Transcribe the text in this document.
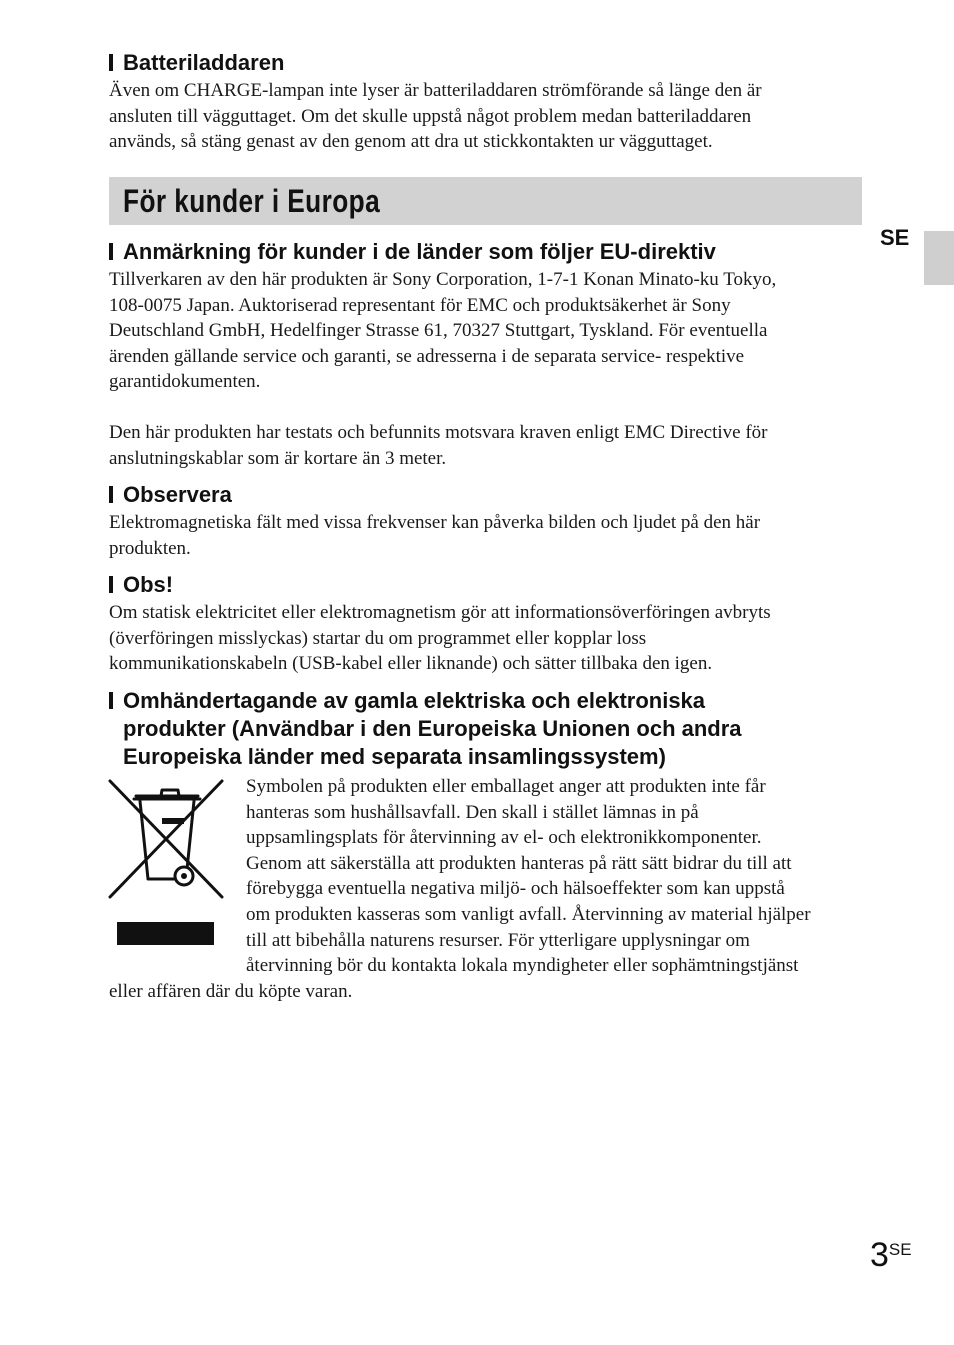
Batteriladdaren
Även om CHARGE-lampan inte lyser är batteriladdaren strömförande så länge den är
ansluten till vägguttaget. Om det skulle uppstå något problem medan batteriladdaren
används, så stäng genast av den genom att dra ut stickkontakten ur vägguttaget.
För kunder i Europa
SE
Anmärkning för kunder i de länder som följer EU-direktiv
Tillverkaren av den här produkten är Sony Corporation, 1-7-1 Konan Minato-ku Tokyo,
108-0075 Japan. Auktoriserad representant för EMC och produktsäkerhet är Sony
Deutschland GmbH, Hedelfinger Strasse 61, 70327 Stuttgart, Tyskland. För eventuella
ärenden gällande service och garanti, se adresserna i de separata service- respektive
garantidokumenten.
Den här produkten har testats och befunnits motsvara kraven enligt EMC Directive för
anslutningskablar som är kortare än 3 meter.
Observera
Elektromagnetiska fält med vissa frekvenser kan påverka bilden och ljudet på den här
produkten.
Obs!
Om statisk elektricitet eller elektromagnetism gör att informationsöverföringen avbryts
(överföringen misslyckas) startar du om programmet eller kopplar loss
kommunikationskabeln (USB-kabel eller liknande) och sätter tillbaka den igen.
Omhändertagande av gamla elektriska och elektroniska
produkter (Användbar i den Europeiska Unionen och andra
Europeiska länder med separata insamlingssystem)
Symbolen på produkten eller emballaget anger att produkten inte får
hanteras som hushållsavfall. Den skall i stället lämnas in på
uppsamlingsplats för återvinning av el- och elektronikkomponenter.
Genom att säkerställa att produkten hanteras på rätt sätt bidrar du till att
förebygga eventuella negativa miljö- och hälsoeffekter som kan uppstå
om produkten kasseras som vanligt avfall. Återvinning av material hjälper
till att bibehålla naturens resurser. För ytterligare upplysningar om
återvinning bör du kontakta lokala myndigheter eller sophämtningstjänst
eller affären där du köpte varan.
$3^{SE}$
